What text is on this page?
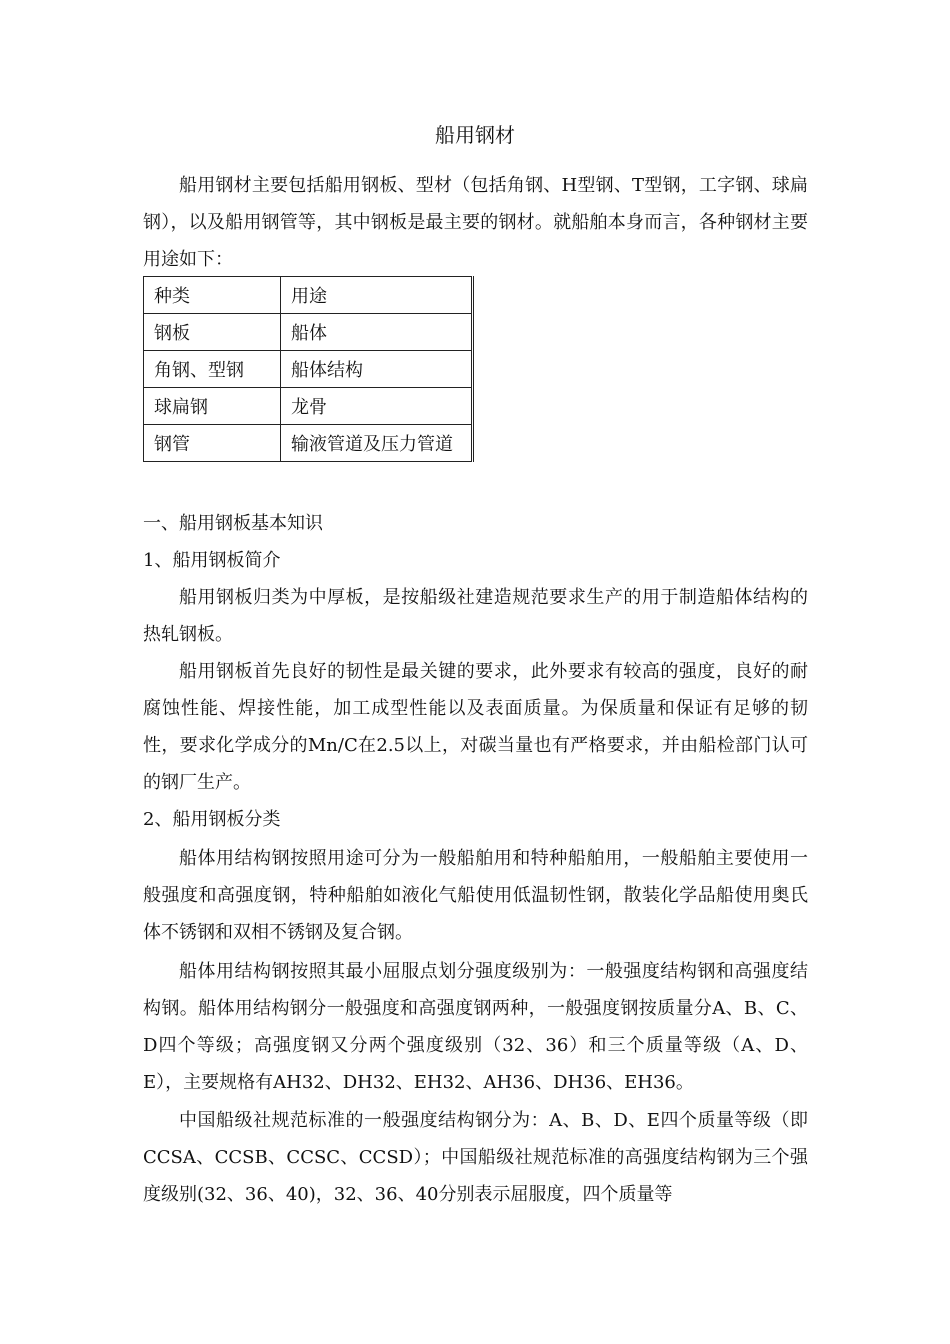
船用钢材

船用钢材主要包括船用钢板、型材（包括角钢、H型钢、T型钢，工字钢、球扁钢），以及船用钢管等，其中钢板是最主要的钢材。就船舶本身而言，各种钢材主要用途如下：

种类	用途
钢板	船体
角钢、型钢	船体结构
球扁钢	龙骨
钢管	输液管道及压力管道
一、船用钢板基本知识
1、船用钢板简介

船用钢板归类为中厚板，是按船级社建造规范要求生产的用于制造船体结构的热轧钢板。

船用钢板首先良好的韧性是最关键的要求，此外要求有较高的强度，良好的耐腐蚀性能、焊接性能，加工成型性能以及表面质量。为保质量和保证有足够的韧性，要求化学成分的Mn/C在2.5以上，对碳当量也有严格要求，并由船检部门认可的钢厂生产。

2、船用钢板分类

船体用结构钢按照用途可分为一般船舶用和特种船舶用，一般船舶主要使用一般强度和高强度钢，特种船舶如液化气船使用低温韧性钢，散装化学品船使用奥氏体不锈钢和双相不锈钢及复合钢。

船体用结构钢按照其最小屈服点划分强度级别为：一般强度结构钢和高强度结构钢。船体用结构钢分一般强度和高强度钢两种，一般强度钢按质量分A、B、C、D四个等级；高强度钢又分两个强度级别（32、36）和三个质量等级（A、D、E），主要规格有AH32、DH32、EH32、AH36、DH36、EH36。

中国船级社规范标准的一般强度结构钢分为：A、B、D、E四个质量等级（即CCSA、CCSB、CCSC、CCSD）；中国船级社规范标准的高强度结构钢为三个强度级别(32、36、40)，32、36、40分别表示屈服度，四个质量等
